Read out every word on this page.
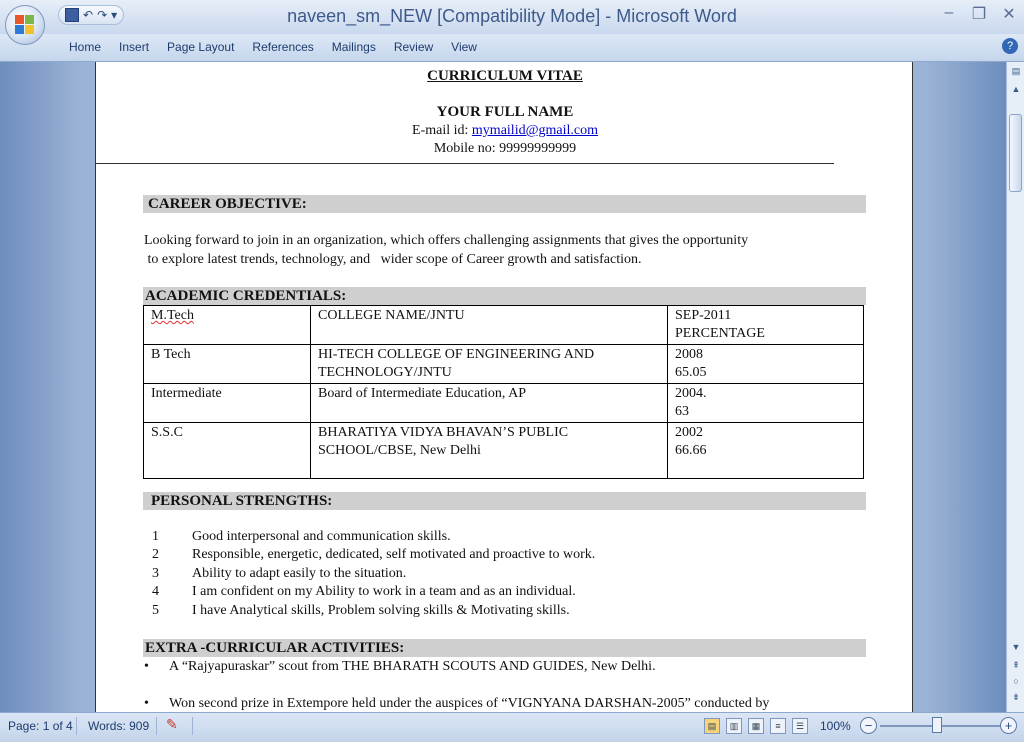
↶ ↷ ▾	naveen_sm_NEW [Compatibility Mode] - Microsoft Word	– ❐ ✕
Home	Insert	Page Layout	References	Mailings	Review	View	?
CURRICULUM VITAE
YOUR FULL NAME
E-mail id: mymailid@gmail.com
Mobile no: 99999999999
CAREER OBJECTIVE:
Looking forward to join in an organization, which offers challenging assignments that gives the opportunity
to explore latest trends, technology, and   wider scope of Career growth and satisfaction.
ACADEMIC CREDENTIALS:
M.Tech	COLLEGE NAME/JNTU	SEP-2011
PERCENTAGE

B Tech	HI-TECH COLLEGE OF ENGINEERING AND TECHNOLOGY/JNTU	2008
65.05

Intermediate	Board of Intermediate Education, AP	2004.
63

S.S.C	BHARATIYA VIDYA BHAVAN’S PUBLIC SCHOOL/CBSE, New Delhi	2002
66.66
PERSONAL STRENGTHS:
1 Good interpersonal and communication skills.
2 Responsible, energetic, dedicated, self motivated and proactive to work.
3 Ability to adapt easily to the situation.
4 I am confident on my Ability to work in a team and as an individual.
5 I have Analytical skills, Problem solving skills & Motivating skills.
EXTRA -CURRICULAR ACTIVITIES:
• A “Rajyapuraskar” scout from THE BHARATH SCOUTS AND GUIDES, New Delhi.
• Won second prize in Extempore held under the auspices of “VIGNYANA DARSHAN-2005” conducted by
▤
▲
▼
⇞
○
⇟
Page: 1 of 4 Words: 909 ✎	▤	▥	▦	≡	☰	100%	−	+
